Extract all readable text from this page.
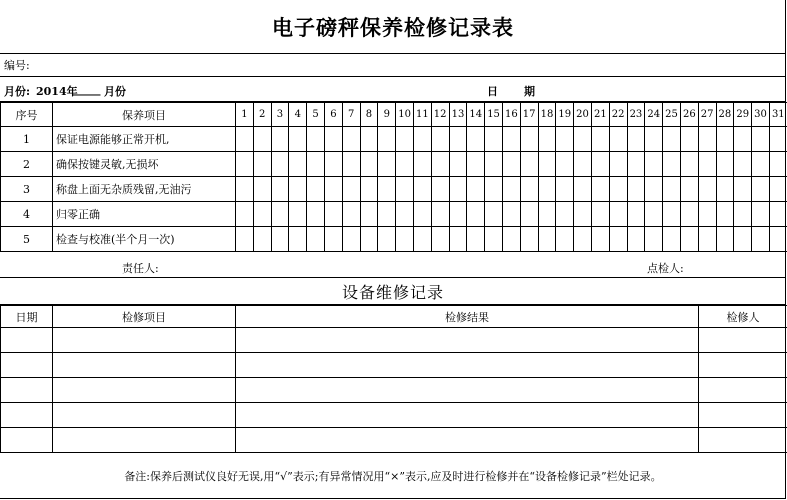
电子磅秤保养检修记录表
编号:
月份: 2014年
_____ 月份	日 期
序号	保养项目	1	2	3	4	5	6	7	8	9	10	11	12	13	14	15	16	17	18	19	20	21	22	23	24	25	26	27	28	29	30	31
1	保证电源能够正常开机,																															
2	确保按键灵敏,无损坏																															
3	称盘上面无杂质残留,无油污																															
4	归零正确																															
5	检查与校准(半个月一次)																															
责任人:	点检人:
设备维修记录
日期	检修项目	检修结果	检修人

备注:保养后测试仪良好无误,用“√”表示;有异常情况用“×”表示,应及时进行检修并在“设备检修记录”栏处记录。
